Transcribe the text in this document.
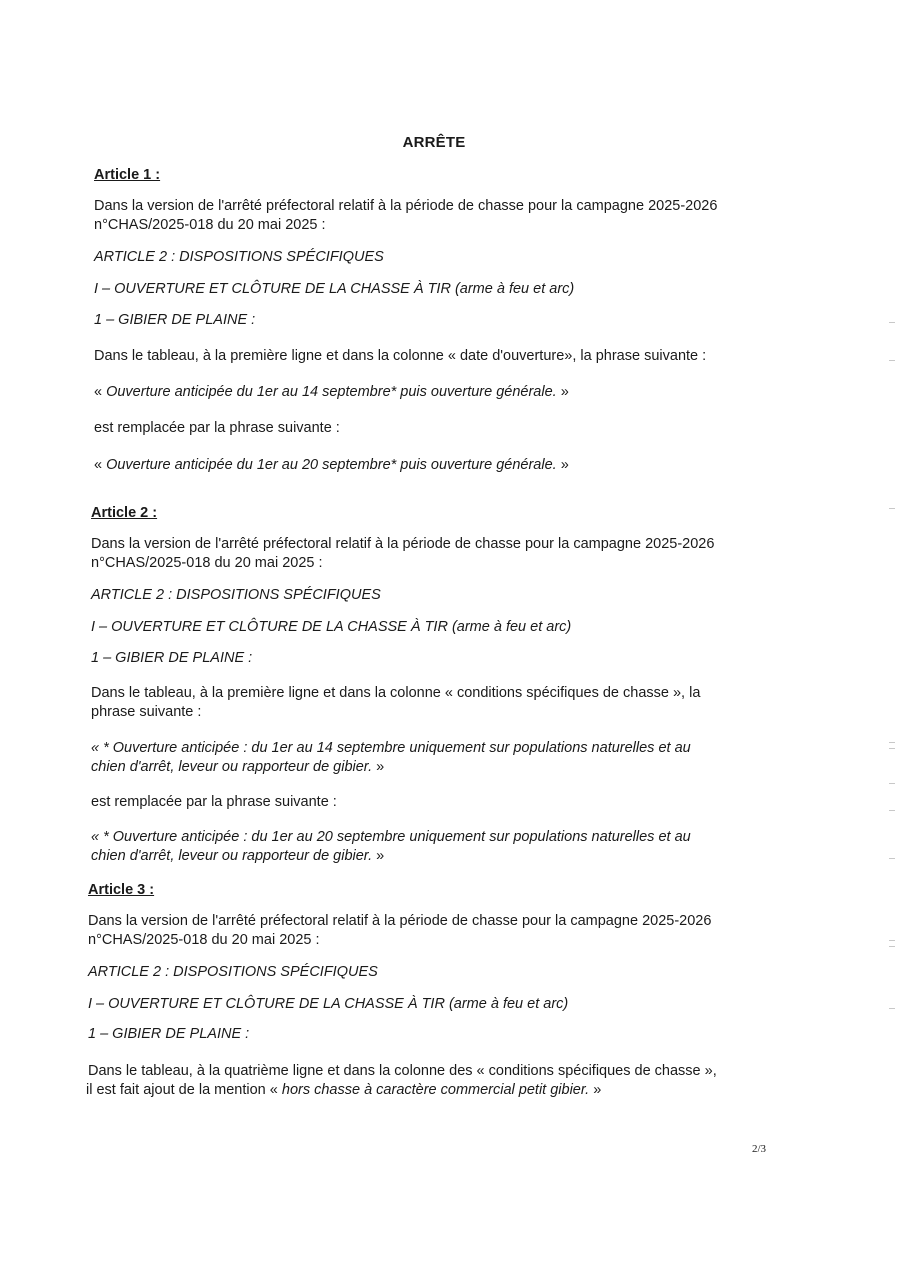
ARRÊTE
Article 1 :
Dans la version de l'arrêté préfectoral relatif à la période de chasse pour la campagne 2025-2026
n°CHAS/2025-018 du 20 mai 2025 :
ARTICLE 2 : DISPOSITIONS SPÉCIFIQUES
I – OUVERTURE ET CLÔTURE DE LA CHASSE À TIR (arme à feu et arc)
1 – GIBIER DE PLAINE :
Dans le tableau, à la première ligne et dans la colonne « date d'ouverture», la phrase suivante :
« Ouverture anticipée du 1er au 14 septembre* puis ouverture générale. »
est remplacée par la phrase suivante :
« Ouverture anticipée du 1er au 20 septembre* puis ouverture générale. »
Article 2 :
Dans la version de l'arrêté préfectoral relatif à la période de chasse pour la campagne 2025-2026
n°CHAS/2025-018 du 20 mai 2025 :
ARTICLE 2 : DISPOSITIONS SPÉCIFIQUES
I – OUVERTURE ET CLÔTURE DE LA CHASSE À TIR (arme à feu et arc)
1 – GIBIER DE PLAINE :
Dans le tableau, à la première ligne et dans la colonne « conditions spécifiques de chasse », la
phrase suivante :
« * Ouverture anticipée : du 1er au 14 septembre uniquement sur populations naturelles et au
chien d'arrêt, leveur ou rapporteur de gibier. »
est remplacée par la phrase suivante :
« * Ouverture anticipée : du 1er au 20 septembre uniquement sur populations naturelles et au
chien d'arrêt, leveur ou rapporteur de gibier. »
Article 3 :
Dans la version de l'arrêté préfectoral relatif à la période de chasse pour la campagne 2025-2026
n°CHAS/2025-018 du 20 mai 2025 :
ARTICLE 2 : DISPOSITIONS SPÉCIFIQUES
I – OUVERTURE ET CLÔTURE DE LA CHASSE À TIR (arme à feu et arc)
1 – GIBIER DE PLAINE :
Dans le tableau, à la quatrième ligne et dans la colonne des « conditions spécifiques de chasse »,
il est fait ajout de la mention « hors chasse à caractère commercial petit gibier. »
2/3
